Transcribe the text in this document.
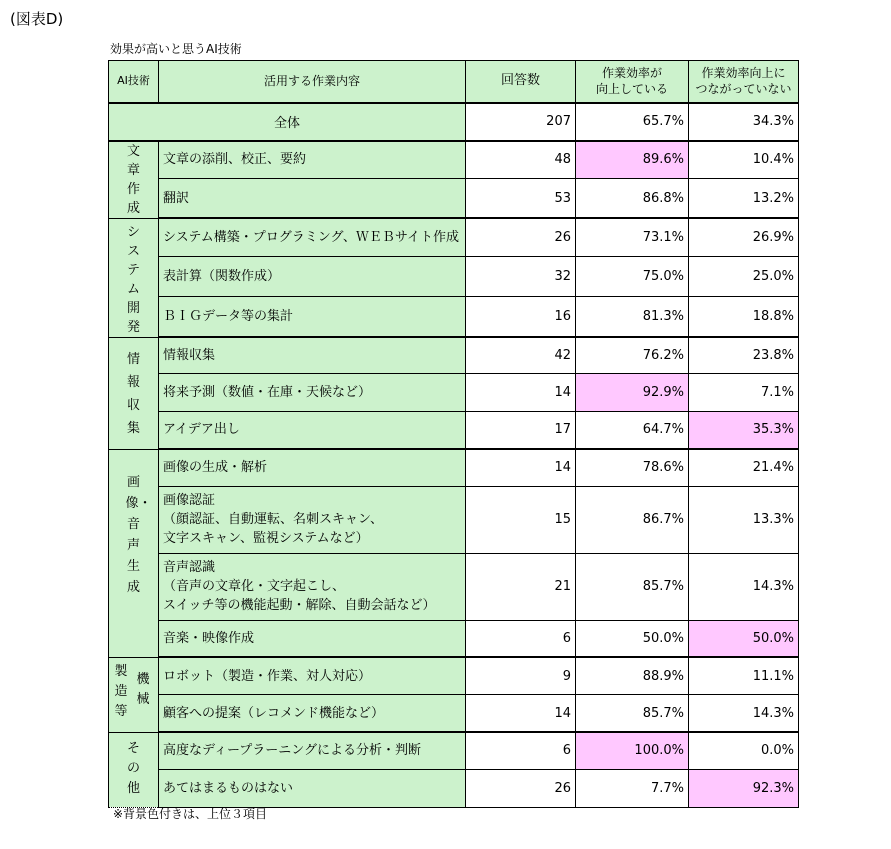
(図表D)
効果が高いと思うAI技術
AI技術	活用する作業内容	回答数	作業効率が
向上している	作業効率向上に
つながっていない
全体		207	65.7%	34.3%
文章作成	文章の添削、校正、要約	48	89.6%	10.4%
	翻訳	53	86.8%	13.2%
システム開発	システム構築・プログラミング、ＷＥＢサイト作成	26	73.1%	26.9%
	表計算（関数作成）	32	75.0%	25.0%
	ＢＩＧデータ等の集計	16	81.3%	18.8%
情報収集	情報収集	42	76.2%	23.8%
	将来予測（数値・在庫・天候など）	14	92.9%	7.1%
	アイデア出し	17	64.7%	35.3%
画像・音声生成	画像の生成・解析	14	78.6%	21.4%
	画像認証
（顔認証、自動運転、名刺スキャン、
文字スキャン、監視システムなど）	15	86.7%	13.3%
	音声認識
（音声の文章化・文字起こし、
スイッチ等の機能起動・解除、自動会話など）	21	85.7%	14.3%
	音楽・映像作成	6	50.0%	50.0%

製造等
機械	ロボット（製造・作業、対人対応）	9	88.9%	11.1%
	顧客への提案（レコメンド機能など）	14	85.7%	14.3%
その他	高度なディープラーニングによる分析・判断	6	100.0%	0.0%
	あてはまるものはない	26	7.7%	92.3%
※背景色付きは、上位３項目
